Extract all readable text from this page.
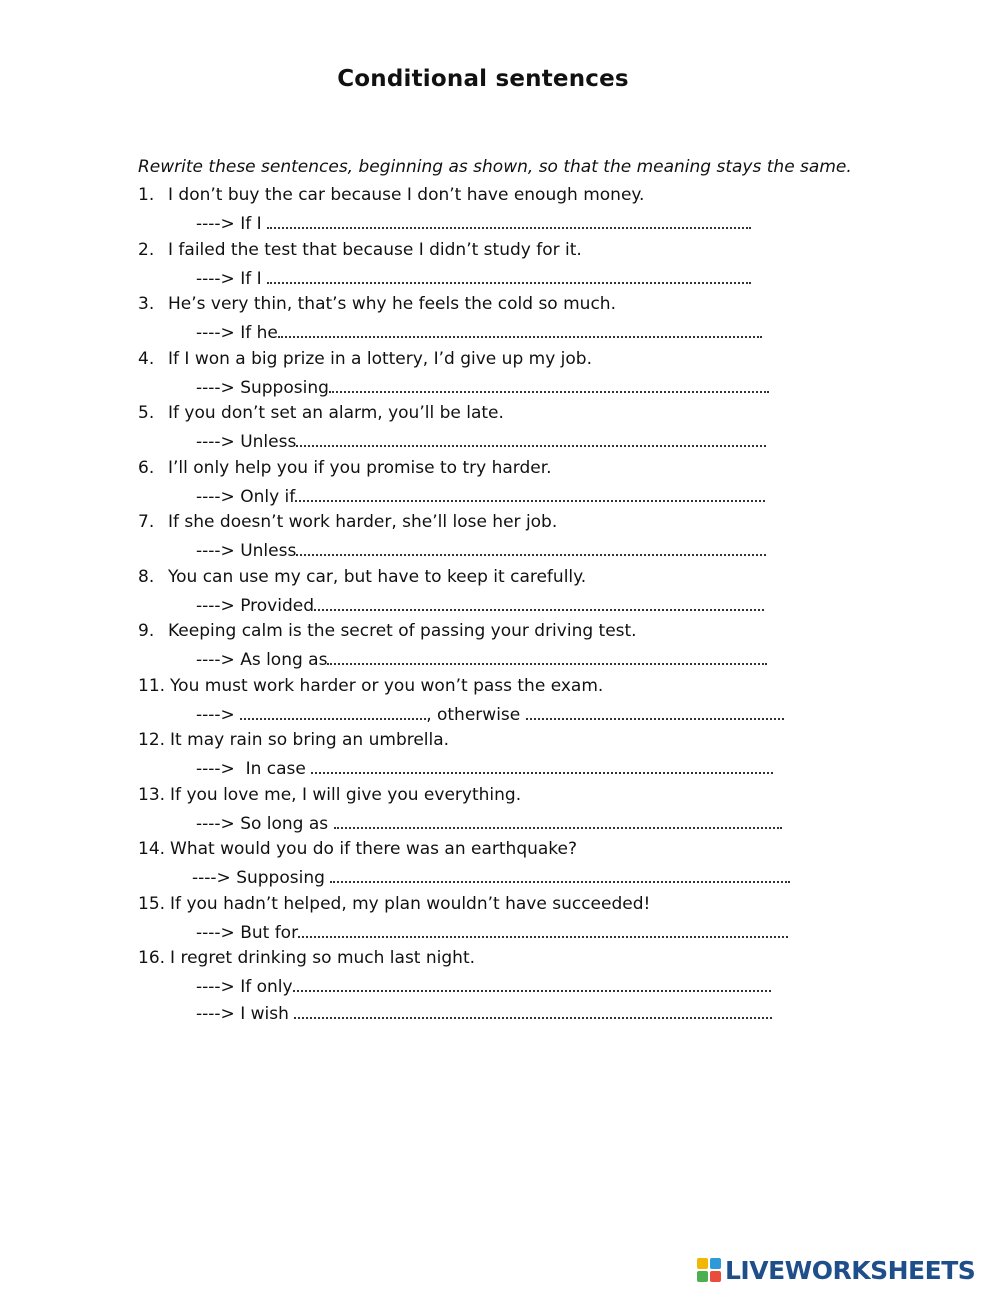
Conditional sentences
Rewrite these sentences, beginning as shown, so that the meaning stays the same.
1. I don’t buy the car because I don’t have enough money.
----> If I
2. I failed the test that because I didn’t study for it.
----> If I
3. He’s very thin, that’s why he feels the cold so much.
----> If he
4. If I won a big prize in a lottery, I’d give up my job.
----> Supposing
5. If you don’t set an alarm, you’ll be late.
----> Unless
6. I’ll only help you if you promise to try harder.
----> Only if
7. If she doesn’t work harder, she’ll lose her job.
----> Unless
8. You can use my car, but have to keep it carefully.
----> Provided
9. Keeping calm is the secret of passing your driving test.
----> As long as
11. You must work harder or you won’t pass the exam.
---->	, otherwise
12. It may rain so bring an umbrella.
----> In case
13. If you love me, I will give you everything.
----> So long as
14. What would you do if there was an earthquake?
----> Supposing
15. If you hadn’t helped, my plan wouldn’t have succeeded!
----> But for
16. I regret drinking so much last night.
----> If only
----> I wish
LIVEWORKSHEETS
